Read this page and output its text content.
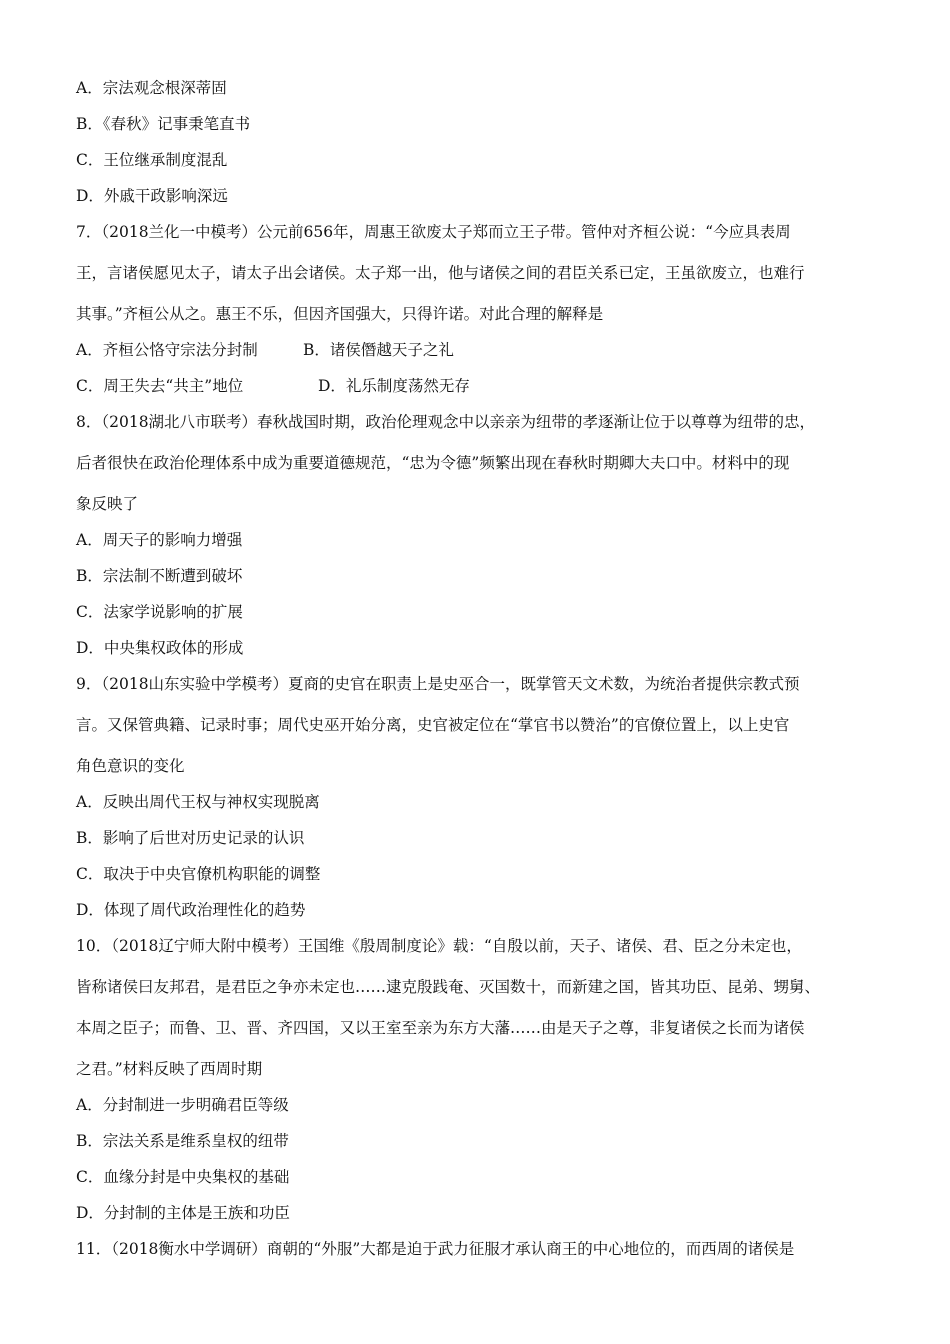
A．宗法观念根深蒂固
B．《春秋》记事秉笔直书
C．王位继承制度混乱
D．外戚干政影响深远
7．（2018兰化一中模考）公元前656年，周惠王欲废太子郑而立王子带。管仲对齐桓公说：“今应具表周
王，言诸侯愿见太子，请太子出会诸侯。太子郑一出，他与诸侯之间的君臣关系已定，王虽欲废立，也难行
其事。”齐桓公从之。惠王不乐，但因齐国强大，只得许诺。对此合理的解释是
A．齐桓公恪守宗法分封制	B．诸侯僭越天子之礼
C．周王失去“共主”地位	D．礼乐制度荡然无存
8．（2018湖北八市联考）春秋战国时期，政治伦理观念中以亲亲为纽带的孝逐渐让位于以尊尊为纽带的忠，
后者很快在政治伦理体系中成为重要道德规范，“忠为令德”频繁出现在春秋时期卿大夫口中。材料中的现
象反映了
A．周天子的影响力增强
B．宗法制不断遭到破坏
C．法家学说影响的扩展
D．中央集权政体的形成
9．（2018山东实验中学模考）夏商的史官在职责上是史巫合一，既掌管天文术数，为统治者提供宗教式预
言。又保管典籍、记录时事；周代史巫开始分离，史官被定位在“掌官书以赞治”的官僚位置上，以上史官
角色意识的变化
A．反映出周代王权与神权实现脱离
B．影响了后世对历史记录的认识
C．取决于中央官僚机构职能的调整
D．体现了周代政治理性化的趋势
10．（2018辽宁师大附中模考）王国维《殷周制度论》载：“自殷以前，天子、诸侯、君、臣之分未定也，
皆称诸侯曰友邦君，是君臣之争亦未定也……逮克殷践奄、灭国数十，而新建之国，皆其功臣、昆弟、甥舅、
本周之臣子；而鲁、卫、晋、齐四国，又以王室至亲为东方大藩……由是天子之尊，非复诸侯之长而为诸侯
之君。”材料反映了西周时期
A．分封制进一步明确君臣等级
B．宗法关系是维系皇权的纽带
C．血缘分封是中央集权的基础
D．分封制的主体是王族和功臣
11．（2018衡水中学调研）商朝的“外服”大都是迫于武力征服才承认商王的中心地位的，而西周的诸侯是
